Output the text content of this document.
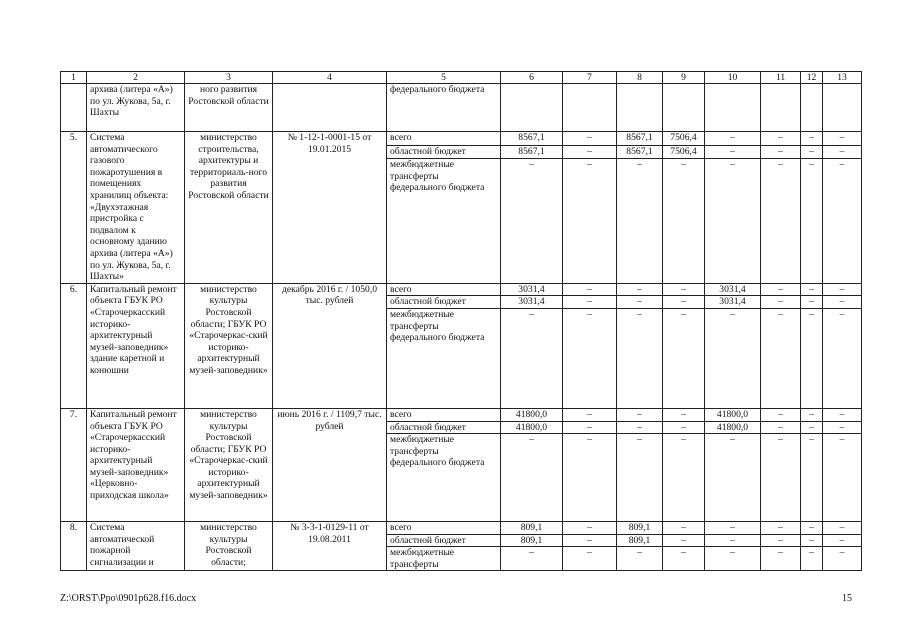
1	2	3	4	5	6	7	8	9	10	11	12	13
	архива (литера «А») по ул. Жукова, 5а, г. Шахты	ного развития Ростовской области		федерального бюджета								
5.	Система автоматического газового пожаротушения в помещениях хранилищ объекта: «Двухэтажная пристройка с подвалом к основному зданию архива (литера «А») по ул. Жукова, 5а, г. Шахты»	министерство строительства, архитектуры и территориаль-ного развития Ростовской области	№ 1-12-1-0001-15 от 19.01.2015	всего	8567,1	–	8567,1	7506,4	–	–	–	–
				областной бюджет	8567,1	–	8567,1	7506,4	–	–	–	–
				межбюджетные трансферты федерального бюджета	–	–	–	–	–	–	–	–
6.	Капитальный ремонт объекта ГБУК РО «Старочеркасский историко-архитектурный музей-заповедник» здание каретной и конюшни	министерство культуры Ростовской области; ГБУК РО «Старочеркас-ский историко-архитектурный музей-заповедник»	декабрь 2016 г. / 1050,0 тыс. рублей	всего	3031,4	–	–	–	3031,4	–	–	–
				областной бюджет	3031,4	–	–	–	3031,4	–	–	–
				межбюджетные трансферты федерального бюджета	–	–	–	–	–	–	–	–
7.	Капитальный ремонт объекта ГБУК РО «Старочеркасский историко-архитектурный музей-заповедник» «Церковно-приходская школа»	министерство культуры Ростовской области; ГБУК РО «Старочеркас-ский историко-архитектурный музей-заповедник»	июнь 2016 г. / 1109,7 тыс. рублей	всего	41800,0	–	–	–	41800,0	–	–	–
				областной бюджет	41800,0	–	–	–	41800,0	–	–	–
				межбюджетные трансферты федерального бюджета	–	–	–	–	–	–	–	–
8.	Система автоматической пожарной сигнализации и	министерство культуры Ростовской области;	№ 3-3-1-0129-11 от 19.08.2011	всего	809,1	–	809,1	–	–	–	–	–
				областной бюджет	809,1	–	809,1	–	–	–	–	–
				межбюджетные трансферты	–	–	–	–	–	–	–	–
Z:\ORST\Ppo\0901p628.f16.docx	15
